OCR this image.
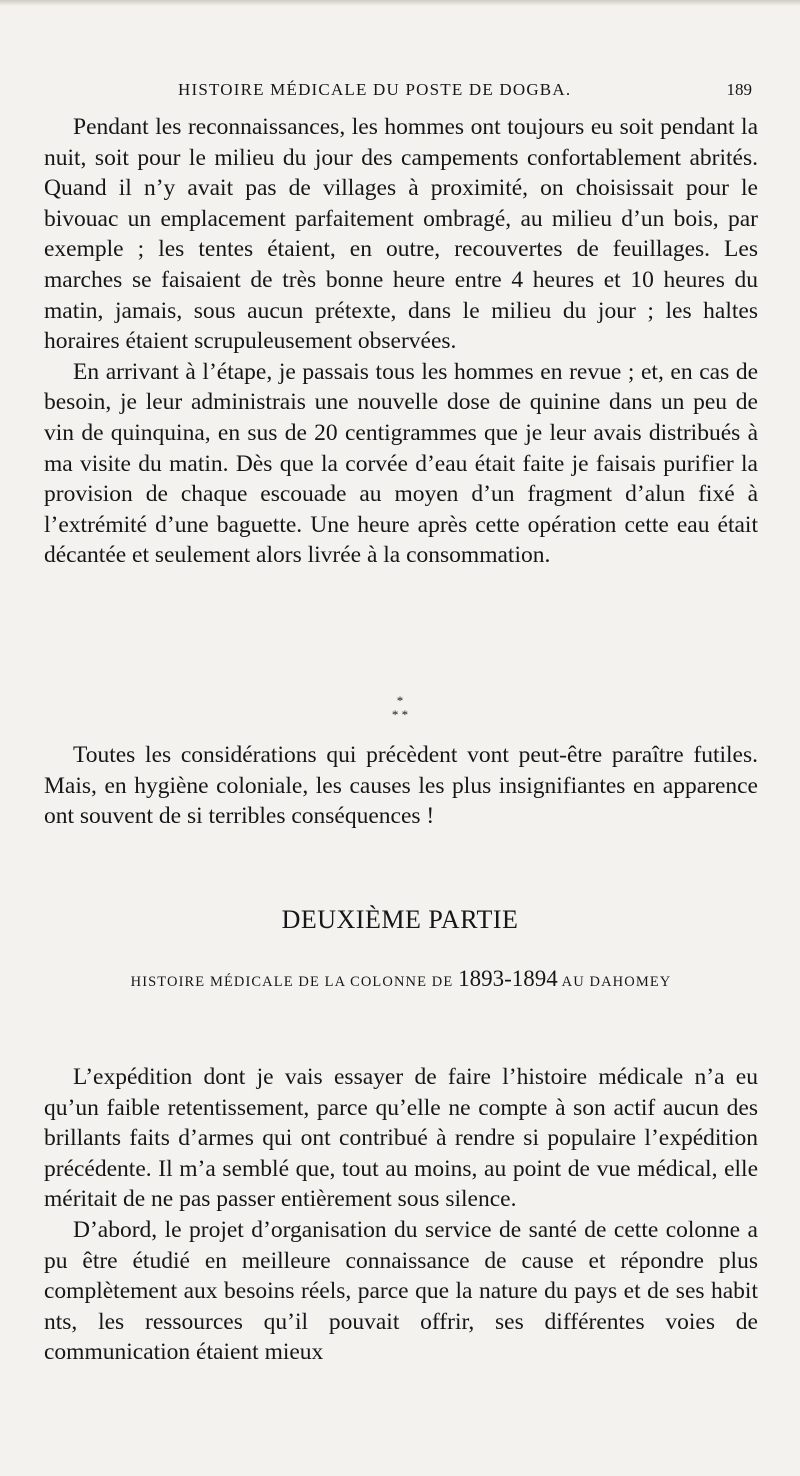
HISTOIRE MÉDICALE DU POSTE DE DOGBA.	189

Pendant les reconnaissances, les hommes ont toujours eu soit pendant la nuit, soit pour le milieu du jour des campements confortablement abrités. Quand il n’y avait pas de villages à proximité, on choisissait pour le bivouac un emplacement parfaitement ombragé, au milieu d’un bois, par exemple ; les tentes étaient, en outre, recouvertes de feuillages. Les marches se faisaient de très bonne heure entre 4 heures et 10 heures du matin, jamais, sous aucun prétexte, dans le milieu du jour ; les haltes horaires étaient scrupuleusement observées.

En arrivant à l’étape, je passais tous les hommes en revue ; et, en cas de besoin, je leur administrais une nouvelle dose de quinine dans un peu de vin de quinquina, en sus de 20 centigrammes que je leur avais distribués à ma visite du matin. Dès que la corvée d’eau était faite je faisais purifier la provision de chaque escouade au moyen d’un fragment d’alun fixé à l’extrémité d’une baguette. Une heure après cette opération cette eau était décantée et seulement alors livrée à la consommation.

*
* *

Toutes les considérations qui précèdent vont peut-être paraître futiles. Mais, en hygiène coloniale, les causes les plus insignifiantes en apparence ont souvent de si terribles conséquences !

DEUXIÈME PARTIE
HISTOIRE MÉDICALE DE LA COLONNE DE 1893-1894 AU DAHOMEY

L’expédition dont je vais essayer de faire l’histoire médicale n’a eu qu’un faible retentissement, parce qu’elle ne compte à son actif aucun des brillants faits d’armes qui ont contribué à rendre si populaire l’expédition précédente. Il m’a semblé que, tout au moins, au point de vue médical, elle méritait de ne pas passer entièrement sous silence.

D’abord, le projet d’organisation du service de santé de cette colonne a pu être étudié en meilleure connaissance de cause et répondre plus complètement aux besoins réels, parce que la nature du pays et de ses habit nts, les ressources qu’il pouvait offrir, ses différentes voies de communication étaient mieux
